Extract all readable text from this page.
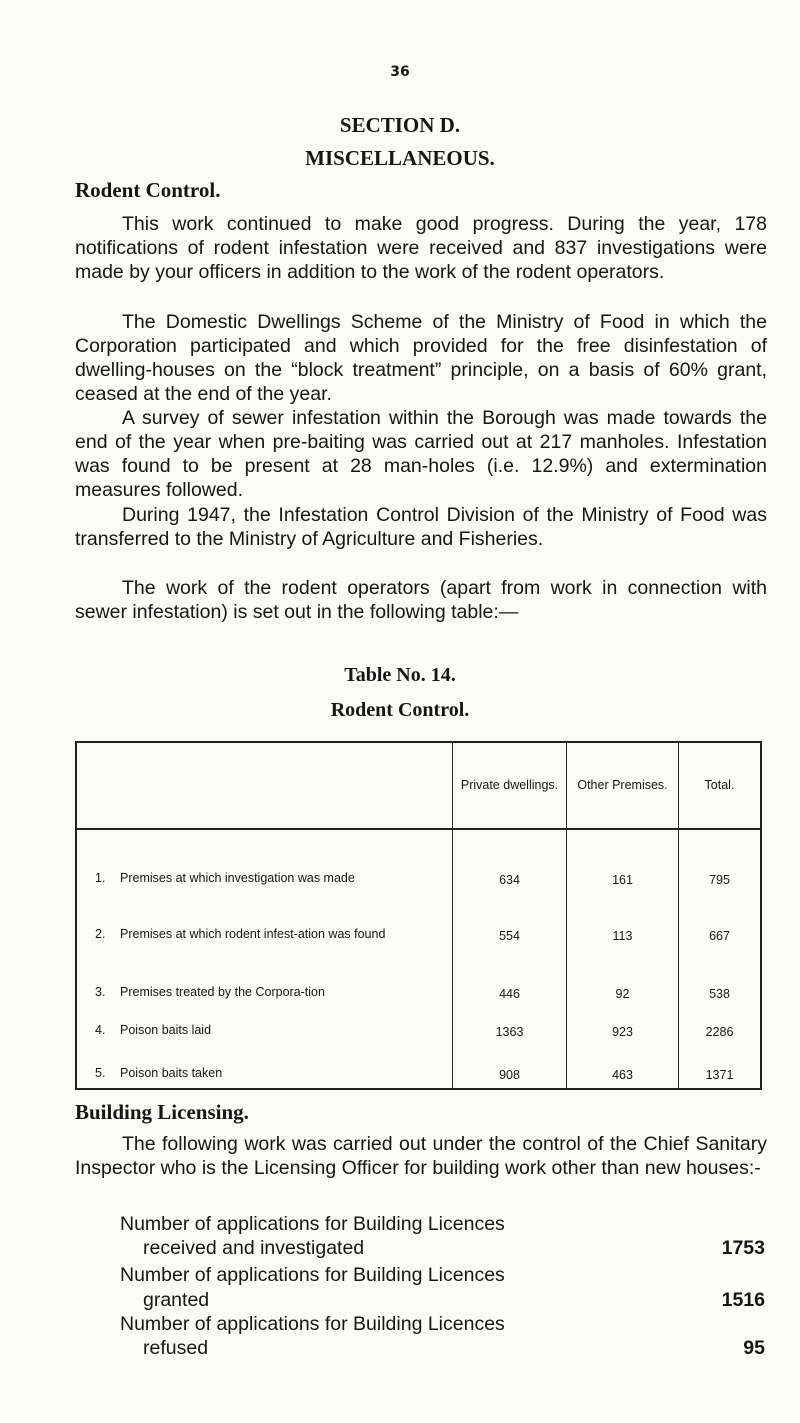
36
SECTION D.
MISCELLANEOUS.
Rodent Control.

This work continued to make good progress. During the year, 178 notifications of rodent infestation were received and 837 investigations were made by your officers in addition to the work of the rodent operators.

The Domestic Dwellings Scheme of the Ministry of Food in which the Corporation participated and which provided for the free disinfestation of dwelling-houses on the “block treatment” principle, on a basis of 60% grant, ceased at the end of the year.

A survey of sewer infestation within the Borough was made towards the end of the year when pre-baiting was carried out at 217 manholes. Infestation was found to be present at 28 man-holes (i.e. 12.9%) and extermination measures followed.

During 1947, the Infestation Control Division of the Ministry of Food was transferred to the Ministry of Agriculture and Fisheries.

The work of the rodent operators (apart from work in connection with sewer infestation) is set out in the following table:—

Table No. 14.
Rodent Control.
	Private dwellings.	Other Premises.	Total.

1. Premises at which investigation was made	634	161	795

2. Premises at which rodent infest-ation was found	554	113	667

3. Premises treated by the Corpora-tion	446	92	538

4. Poison baits laid	1363	923	2286

5. Poison baits taken	908	463	1371
Building Licensing.

The following work was carried out under the control of the Chief Sanitary Inspector who is the Licensing Officer for building work other than new houses:-

Number of applications for Building Licences
received and investigated	1753
Number of applications for Building Licences
granted	1516
Number of applications for Building Licences
refused	95
